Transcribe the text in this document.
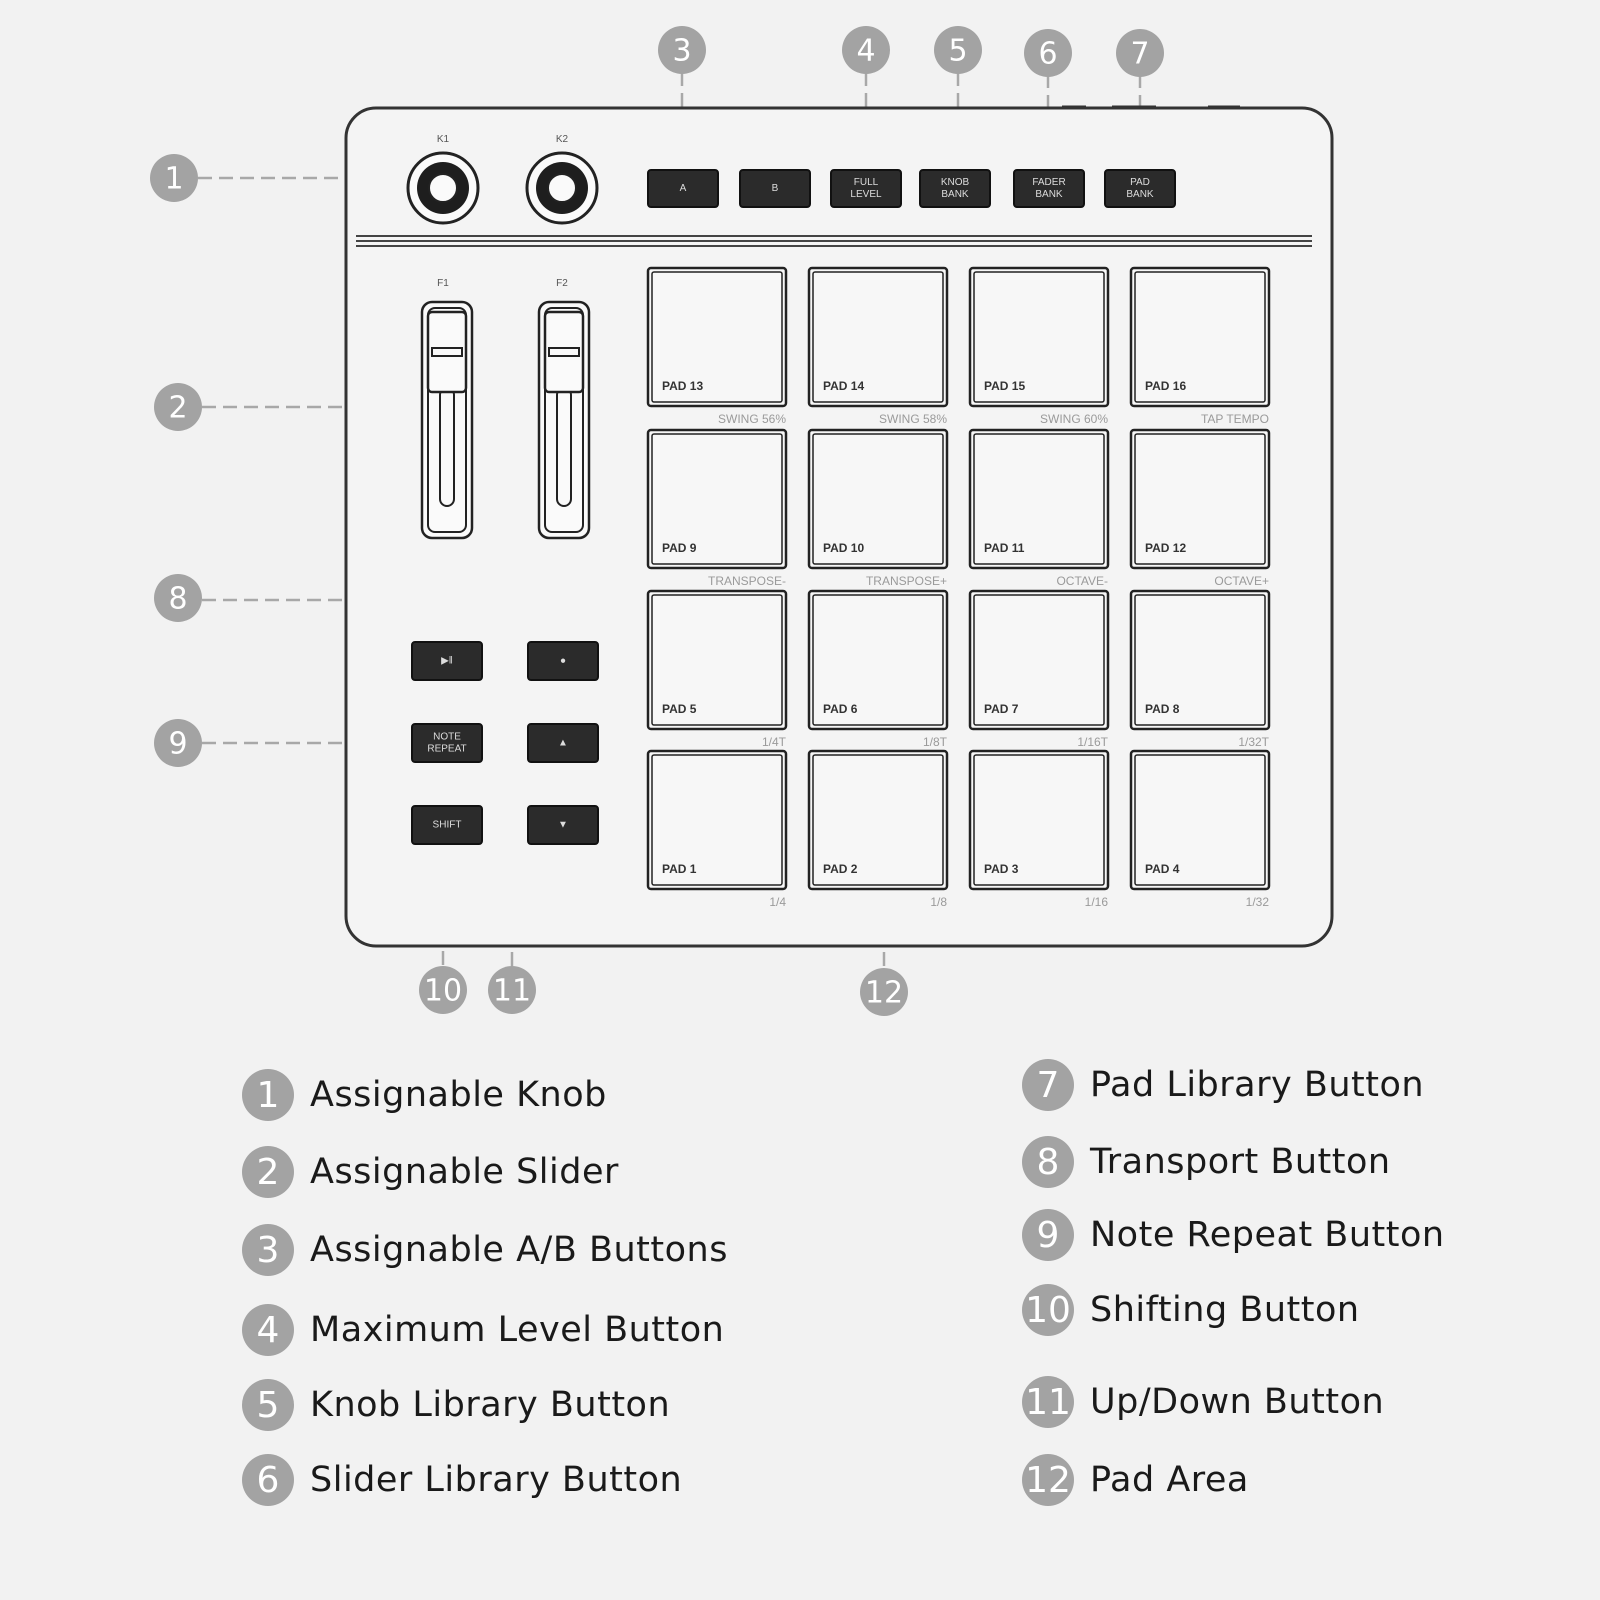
K1	K2
F1	F2
A	B
FULL
LEVEL
KNOB
BANK
FADER
BANK
PAD
BANK
▶ǁ	●
NOTE
REPEAT
▲
SHIFT	▼
PAD 13
SWING 56%
PAD 14
SWING 58%
PAD 15
SWING 60%
PAD 16
TAP TEMPO
PAD 9
TRANSPOSE-
PAD 10
TRANSPOSE+
PAD 11
OCTAVE-
PAD 12
OCTAVE+
PAD 5
1/4T
PAD 6
1/8T
PAD 7
1/16T
PAD 8
1/32T
PAD 1
1/4
PAD 2
1/8
PAD 3
1/16
PAD 4
1/32
1
2
3	4 5 6 7
8
9
10 11	12
1 Assignable Knob
2 Assignable Slider
3 Assignable A/B Buttons
4 Maximum Level Button
5 Knob Library Button
6 Slider Library Button
7 Pad Library Button
8 Transport Button
9 Note Repeat Button
10 Shifting Button
11 Up/Down Button
12 Pad Area
